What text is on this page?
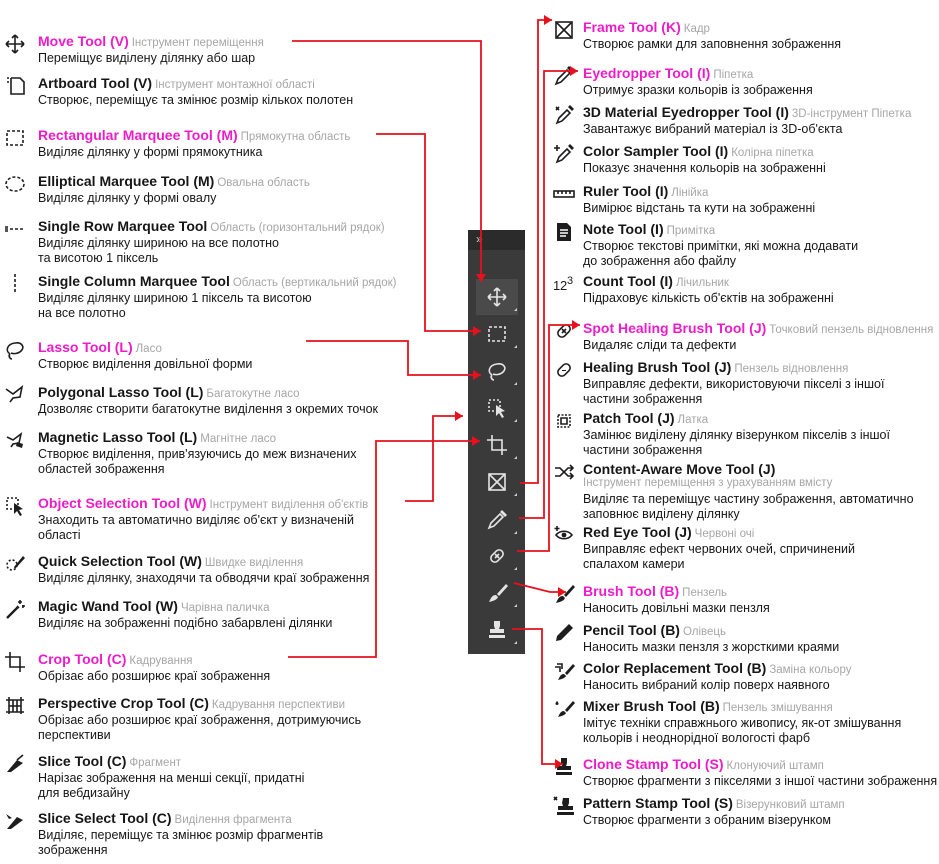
Move Tool (V) Інструмент переміщення
Переміщує виділену ділянку або шар
Artboard Tool (V) Інструмент монтажної області
Створює, переміщує та змінює розмір кількох полотен
Rectangular Marquee Tool (M) Прямокутна область
Виділяє ділянку у формі прямокутника
Elliptical Marquee Tool (M) Овальна область
Виділяє ділянку у формі овалу
Single Row Marquee Tool Область (горизонтальний рядок)
Виділяє ділянку шириною на все полотно
та висотою 1 піксель
Single Column Marquee Tool Область (вертикальний рядок)
Виділяє ділянку шириною 1 піксель та висотою
на все полотно
Lasso Tool (L) Ласо
Створює виділення довільної форми
Polygonal Lasso Tool (L) Багатокутне ласо
Дозволяє створити багатокутне виділення з окремих точок
Magnetic Lasso Tool (L) Магнітне ласо
Створює виділення, прив'язуючись до меж визначених
областей зображення
Object Selection Tool (W) Інструмент виділення об'єктів
Знаходить та автоматично виділяє об'єкт у визначеній
області
Quick Selection Tool (W) Швидке виділення
Виділяє ділянку, знаходячи та обводячи краї зображення
Magic Wand Tool (W) Чарівна паличка
Виділяє на зображенні подібно забарвлені ділянки
Crop Tool (C) Кадрування
Обрізає або розширює краї зображення
Perspective Crop Tool (C) Кадрування перспективи
Обрізає або розширює краї зображення, дотримуючись
перспективи
Slice Tool (C) Фрагмент
Нарізає зображення на менші секції, придатні
для вебдизайну
Slice Select Tool (C) Виділення фрагмента
Виділяє, переміщує та змінює розмір фрагментів
зображення
Frame Tool (K) Кадр
Створює рамки для заповнення зображення
Eyedropper Tool (I) Піпетка
Отримує зразки кольорів із зображення
3D Material Eyedropper Tool (I) 3D-інструмент Піпетка
Завантажує вибраний матеріал із 3D-об'єкта
Color Sampler Tool (I) Колірна піпетка
Показує значення кольорів на зображенні
Ruler Tool (I) Лінійка
Вимірює відстань та кути на зображенні
Note Tool (I) Примітка
Створює текстові примітки, які можна додавати
до зображення або файлу
1 2 3 Count Tool (I) Лічильник
Підраховує кількість об'єктів на зображенні
Spot Healing Brush Tool (J) Точковий пензель відновлення
Видаляє сліди та дефекти
Healing Brush Tool (J) Пензель відновлення
Виправляє дефекти, використовуючи пікселі з іншої
частини зображення
Patch Tool (J) Латка
Замінює виділену ділянку візерунком пікселів з іншої
частини зображення
Content-Aware Move Tool (J)
Виділяє та переміщує частину зображення, автоматично
заповнює виділену ділянку
Red Eye Tool (J) Червоні очі
Виправляє ефект червоних очей, спричинений
спалахом камери
Brush Tool (B) Пензель
Наносить довільні мазки пензля
Pencil Tool (B) Олівець
Наносить мазки пензля з жорсткими краями
Color Replacement Tool (B) Заміна кольору
Наносить вибраний колір поверх наявного
Mixer Brush Tool (B) Пензель змішування
Імітує техніки справжнього живопису, як-от змішування
кольорів і неоднорідної вологості фарб
Clone Stamp Tool (S) Клонуючий штамп
Створює фрагменти з пікселями з іншої частини зображення
Pattern Stamp Tool (S) Візерунковий штамп
Створює фрагменти з обраним візерунком
Інструмент переміщення з урахуванням вмісту
»
